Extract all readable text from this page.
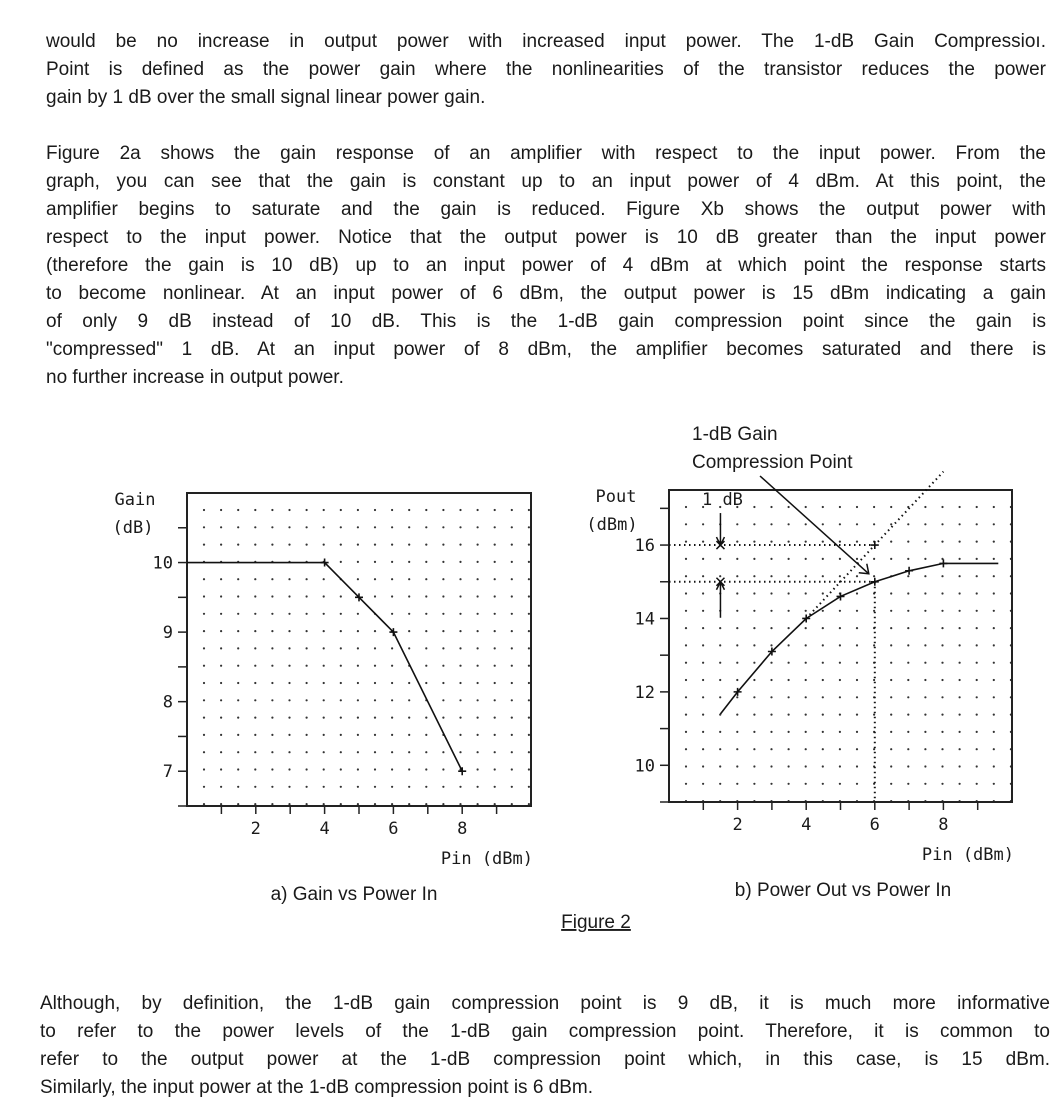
would be no increase in output power with increased input power. The 1-dB Gain Compressioı.
Point is defined as the power gain where the nonlinearities of the transistor reduces the power
gain by 1 dB over the small signal linear power gain.
Figure 2a shows the gain response of an amplifier with respect to the input power. From the
graph, you can see that the gain is constant up to an input power of 4 dBm. At this point, the
amplifier begins to saturate and the gain is reduced. Figure Xb shows the output power with
respect to the input power. Notice that the output power is 10 dB greater than the input power
(therefore the gain is 10 dB) up to an input power of 4 dBm at which point the response starts
to become nonlinear. At an input power of 6 dBm, the output power is 15 dBm indicating a gain
of only 9 dB instead of 10 dB. This is the 1-dB gain compression point since the gain is
"compressed" 1 dB. At an input power of 8 dBm, the amplifier becomes saturated and there is
no further increase in output power.
2	4	6	8
7
8
9
10
Gain
(dB)
Pin (dBm)
a) Gain vs Power In
2	4	6	8
10
12
14
16
Pout
(dBm)
Pin (dBm)
b) Power Out vs Power In
1 dB
1-dB Gain
Compression Point
Figure 2
Although, by definition, the 1-dB gain compression point is 9 dB, it is much more informative
to refer to the power levels of the 1-dB gain compression point. Therefore, it is common to
refer to the output power at the 1-dB compression point which, in this case, is 15 dBm.
Similarly, the input power at the 1-dB compression point is 6 dBm.
